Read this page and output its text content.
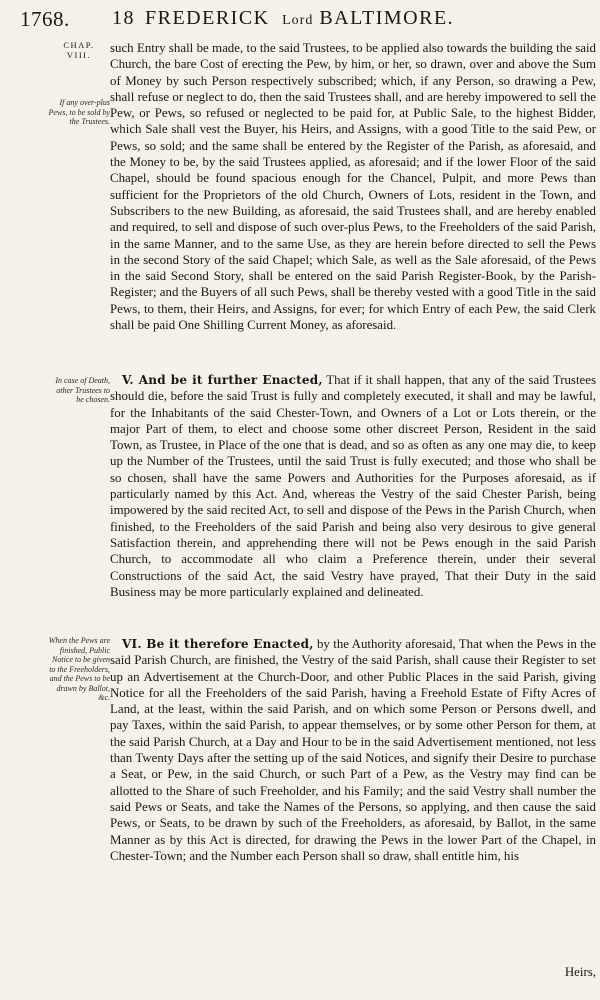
1768. 18 FREDERICK Lord BALTIMORE.
CHAP.
VIII.
If any over-plus Pews, to be sold by the Trustees.
In case of Death, other Trustees to be chosen.
When the Pews are finished, Public Notice to be given to the Freeholders, and the Pews to be drawn by Ballot, &c.

such Entry shall be made, to the said Trustees, to be applied also towards the building the said Church, the bare Cost of erecting the Pew, by him, or her, so drawn, over and above the Sum of Money by such Person respectively subscribed; which, if any Person, so drawing a Pew, shall refuse or neglect to do, then the said Trustees shall, and are hereby impowered to sell the Pew, or Pews, so refused or neglected to be paid for, at Public Sale, to the highest Bidder, which Sale shall vest the Buyer, his Heirs, and Assigns, with a good Title to the said Pew, or Pews, so sold; and the same shall be entered by the Register of the Parish, as aforesaid, and the Money to be, by the said Trustees applied, as aforesaid; and if the lower Floor of the said Chapel, should be found spacious enough for the Chancel, Pulpit, and more Pews than sufficient for the Proprietors of the old Church, Owners of Lots, resident in the Town, and Subscribers to the new Building, as aforesaid, the said Trustees shall, and are hereby enabled and required, to sell and dispose of such over-plus Pews, to the Freeholders of the said Parish, in the same Manner, and to the same Use, as they are herein before directed to sell the Pews in the second Story of the said Chapel; which Sale, as well as the Sale aforesaid, of the Pews in the said Second Story, shall be entered on the said Parish Register-Book, by the Parish-Register; and the Buyers of all such Pews, shall be thereby vested with a good Title in the said Pews, to them, their Heirs, and Assigns, for ever; for which Entry of each Pew, the said Clerk shall be paid One Shilling Current Money, as aforesaid.

V. And be it further Enacted, That if it shall happen, that any of the said Trustees should die, before the said Trust is fully and completely executed, it shall and may be lawful, for the Inhabitants of the said Chester-Town, and Owners of a Lot or Lots therein, or the major Part of them, to elect and choose some other discreet Person, Resident in the said Town, as Trustee, in Place of the one that is dead, and so as often as any one may die, to keep up the Number of the Trustees, until the said Trust is fully executed; and those who shall be so chosen, shall have the same Powers and Authorities for the Purposes aforesaid, as if particularly named by this Act. And, whereas the Vestry of the said Chester Parish, being impowered by the said recited Act, to sell and dispose of the Pews in the Parish Church, when finished, to the Freeholders of the said Parish and being also very desirous to give general Satisfaction therein, and apprehending there will not be Pews enough in the said Parish Church, to accommodate all who claim a Preference therein, under their several Constructions of the said Act, the said Vestry have prayed, That their Duty in the said Business may be more particularly explained and delineated.

VI. Be it therefore Enacted, by the Authority aforesaid, That when the Pews in the said Parish Church, are finished, the Vestry of the said Parish, shall cause their Register to set up an Advertisement at the Church-Door, and other Public Places in the said Parish, giving Notice for all the Freeholders of the said Parish, having a Freehold Estate of Fifty Acres of Land, at the least, within the said Parish, and on which some Person or Persons dwell, and pay Taxes, within the said Parish, to appear themselves, or by some other Person for them, at the said Parish Church, at a Day and Hour to be in the said Advertisement mentioned, not less than Twenty Days after the setting up of the said Notices, and signify their Desire to purchase a Seat, or Pew, in the said Church, or such Part of a Pew, as the Vestry may find can be allotted to the Share of such Freeholder, and his Family; and the said Vestry shall number the said Pews or Seats, and take the Names of the Persons, so applying, and then cause the said Pews, or Seats, to be drawn by such of the Freeholders, as aforesaid, by Ballot, in the same Manner as by this Act is directed, for drawing the Pews in the lower Part of the Chapel, in Chester-Town; and the Number each Person shall so draw, shall entitle him, his

Heirs,
